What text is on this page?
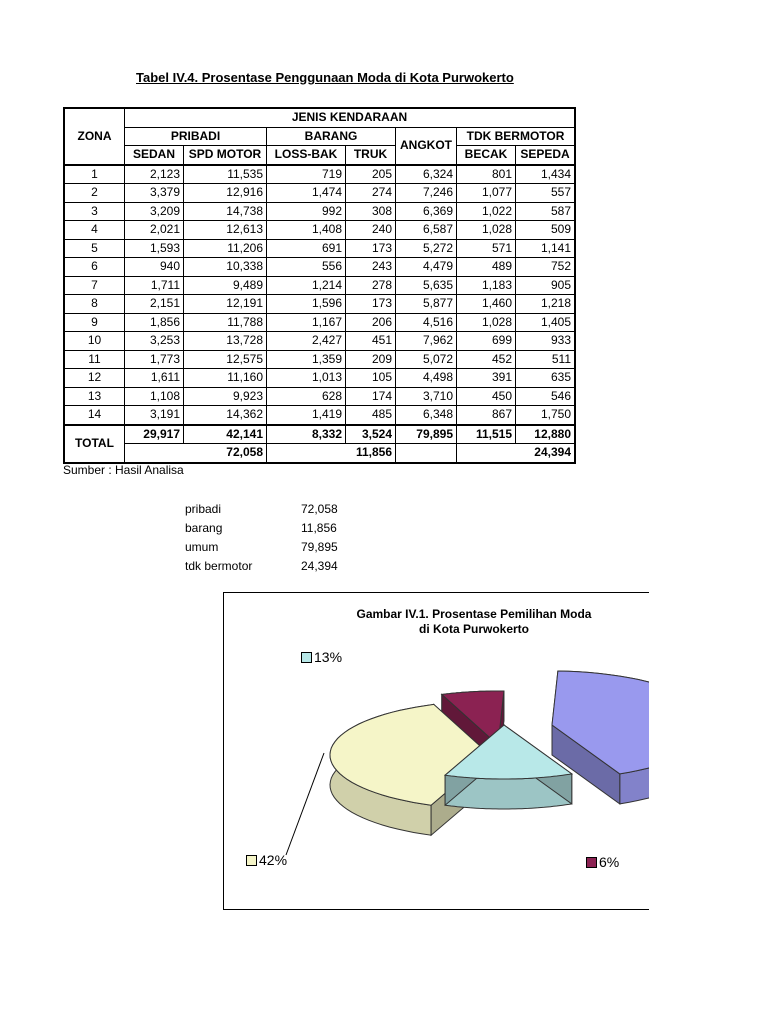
Tabel IV.4. Prosentase Penggunaan Moda di Kota Purwokerto
ZONA	JENIS KENDARAAN						
	PRIBADI		BARANG		ANGKOT	TDK BERMOTOR	
	SEDAN	SPD MOTOR	LOSS-BAK	TRUK		BECAK	SEPEDA
1	2,123	11,535	719	205	6,324	801	1,434
2	3,379	12,916	1,474	274	7,246	1,077	557
3	3,209	14,738	992	308	6,369	1,022	587
4	2,021	12,613	1,408	240	6,587	1,028	509
5	1,593	11,206	691	173	5,272	571	1,141
6	940	10,338	556	243	4,479	489	752
7	1,711	9,489	1,214	278	5,635	1,183	905
8	2,151	12,191	1,596	173	5,877	1,460	1,218
9	1,856	11,788	1,167	206	4,516	1,028	1,405
10	3,253	13,728	2,427	451	7,962	699	933
11	1,773	12,575	1,359	209	5,072	452	511
12	1,611	11,160	1,013	105	4,498	391	635
13	1,108	9,923	628	174	3,710	450	546
14	3,191	14,362	1,419	485	6,348	867	1,750
TOTAL	29,917	42,141	8,332	3,524	79,895	11,515	12,880
	72,058		11,856			24,394	
Sumber : Hasil Analisa
pribadi	72,058
barang	11,856
umum	79,895
tdk bermotor	24,394
Gambar IV.1. Prosentase Pemilihan Moda
di Kota Purwokerto
13%
42%	6%
